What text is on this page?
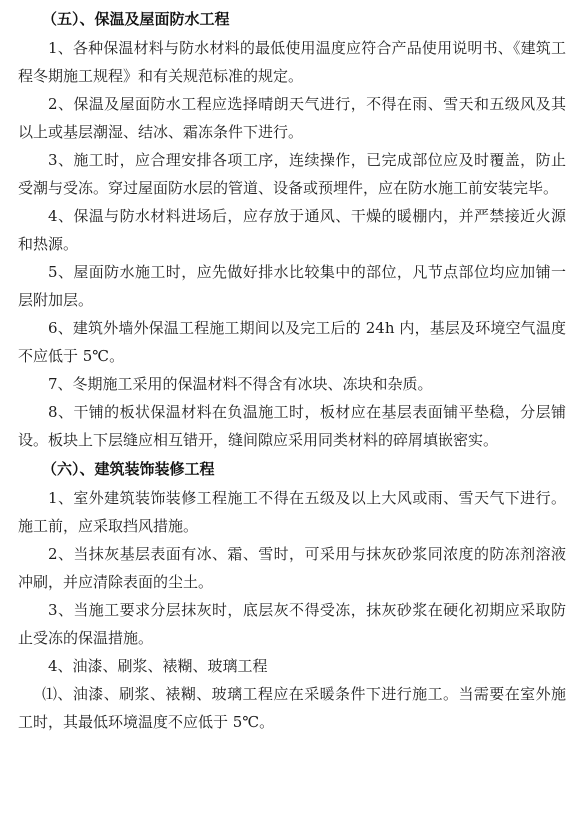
（五）、保温及屋面防水工程

1、各种保温材料与防水材料的最低使用温度应符合产品使用说明书、《建筑工程冬期施工规程》和有关规范标准的规定。

2、保温及屋面防水工程应选择晴朗天气进行，不得在雨、雪天和五级风及其以上或基层潮湿、结冰、霜冻条件下进行。

3、施工时，应合理安排各项工序，连续操作，已完成部位应及时覆盖，防止受潮与受冻。穿过屋面防水层的管道、设备或预埋件，应在防水施工前安装完毕。

4、保温与防水材料进场后，应存放于通风、干燥的暖棚内，并严禁接近火源和热源。

5、屋面防水施工时，应先做好排水比较集中的部位，凡节点部位均应加铺一层附加层。

6、建筑外墙外保温工程施工期间以及完工后的 24h 内，基层及环境空气温度不应低于 5℃。

7、冬期施工采用的保温材料不得含有冰块、冻块和杂质。

8、干铺的板状保温材料在负温施工时，板材应在基层表面铺平垫稳，分层铺设。板块上下层缝应相互错开，缝间隙应采用同类材料的碎屑填嵌密实。

（六）、建筑装饰装修工程

1、室外建筑装饰装修工程施工不得在五级及以上大风或雨、雪天气下进行。施工前，应采取挡风措施。

2、当抹灰基层表面有冰、霜、雪时，可采用与抹灰砂浆同浓度的防冻剂溶液冲刷，并应清除表面的尘土。

3、当施工要求分层抹灰时，底层灰不得受冻，抹灰砂浆在硬化初期应采取防止受冻的保温措施。

4、油漆、刷浆、裱糊、玻璃工程

⑴、油漆、刷浆、裱糊、玻璃工程应在采暖条件下进行施工。当需要在室外施工时，其最低环境温度不应低于 5℃。
